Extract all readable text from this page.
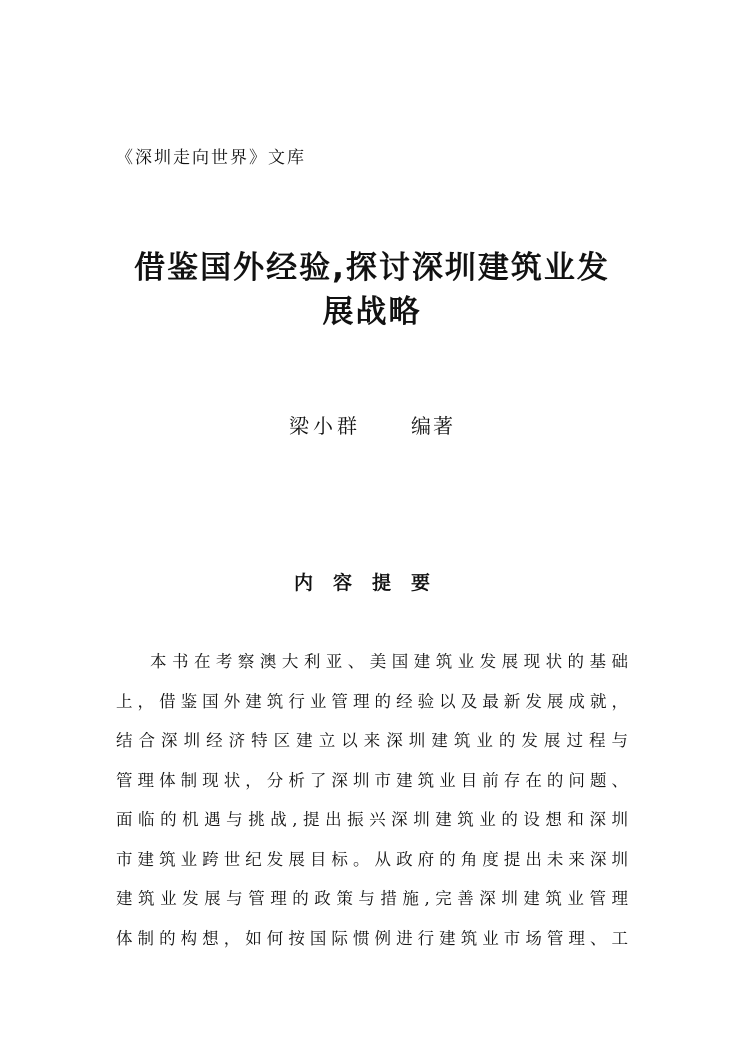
《深圳走向世界》文库
借鉴国外经验,探讨深圳建筑业发
展战略
梁小群	编著
内容提要
本书在考察澳大利亚、美国建筑业发展现状的基础
上，借鉴国外建筑行业管理的经验以及最新发展成就，
结合深圳经济特区建立以来深圳建筑业的发展过程与
管理体制现状，分析了深圳市建筑业目前存在的问题、
面临的机遇与挑战,提出振兴深圳建筑业的设想和深圳
市建筑业跨世纪发展目标。从政府的角度提出未来深圳
建筑业发展与管理的政策与措施,完善深圳建筑业管理
体制的构想，如何按国际惯例进行建筑业市场管理、工
